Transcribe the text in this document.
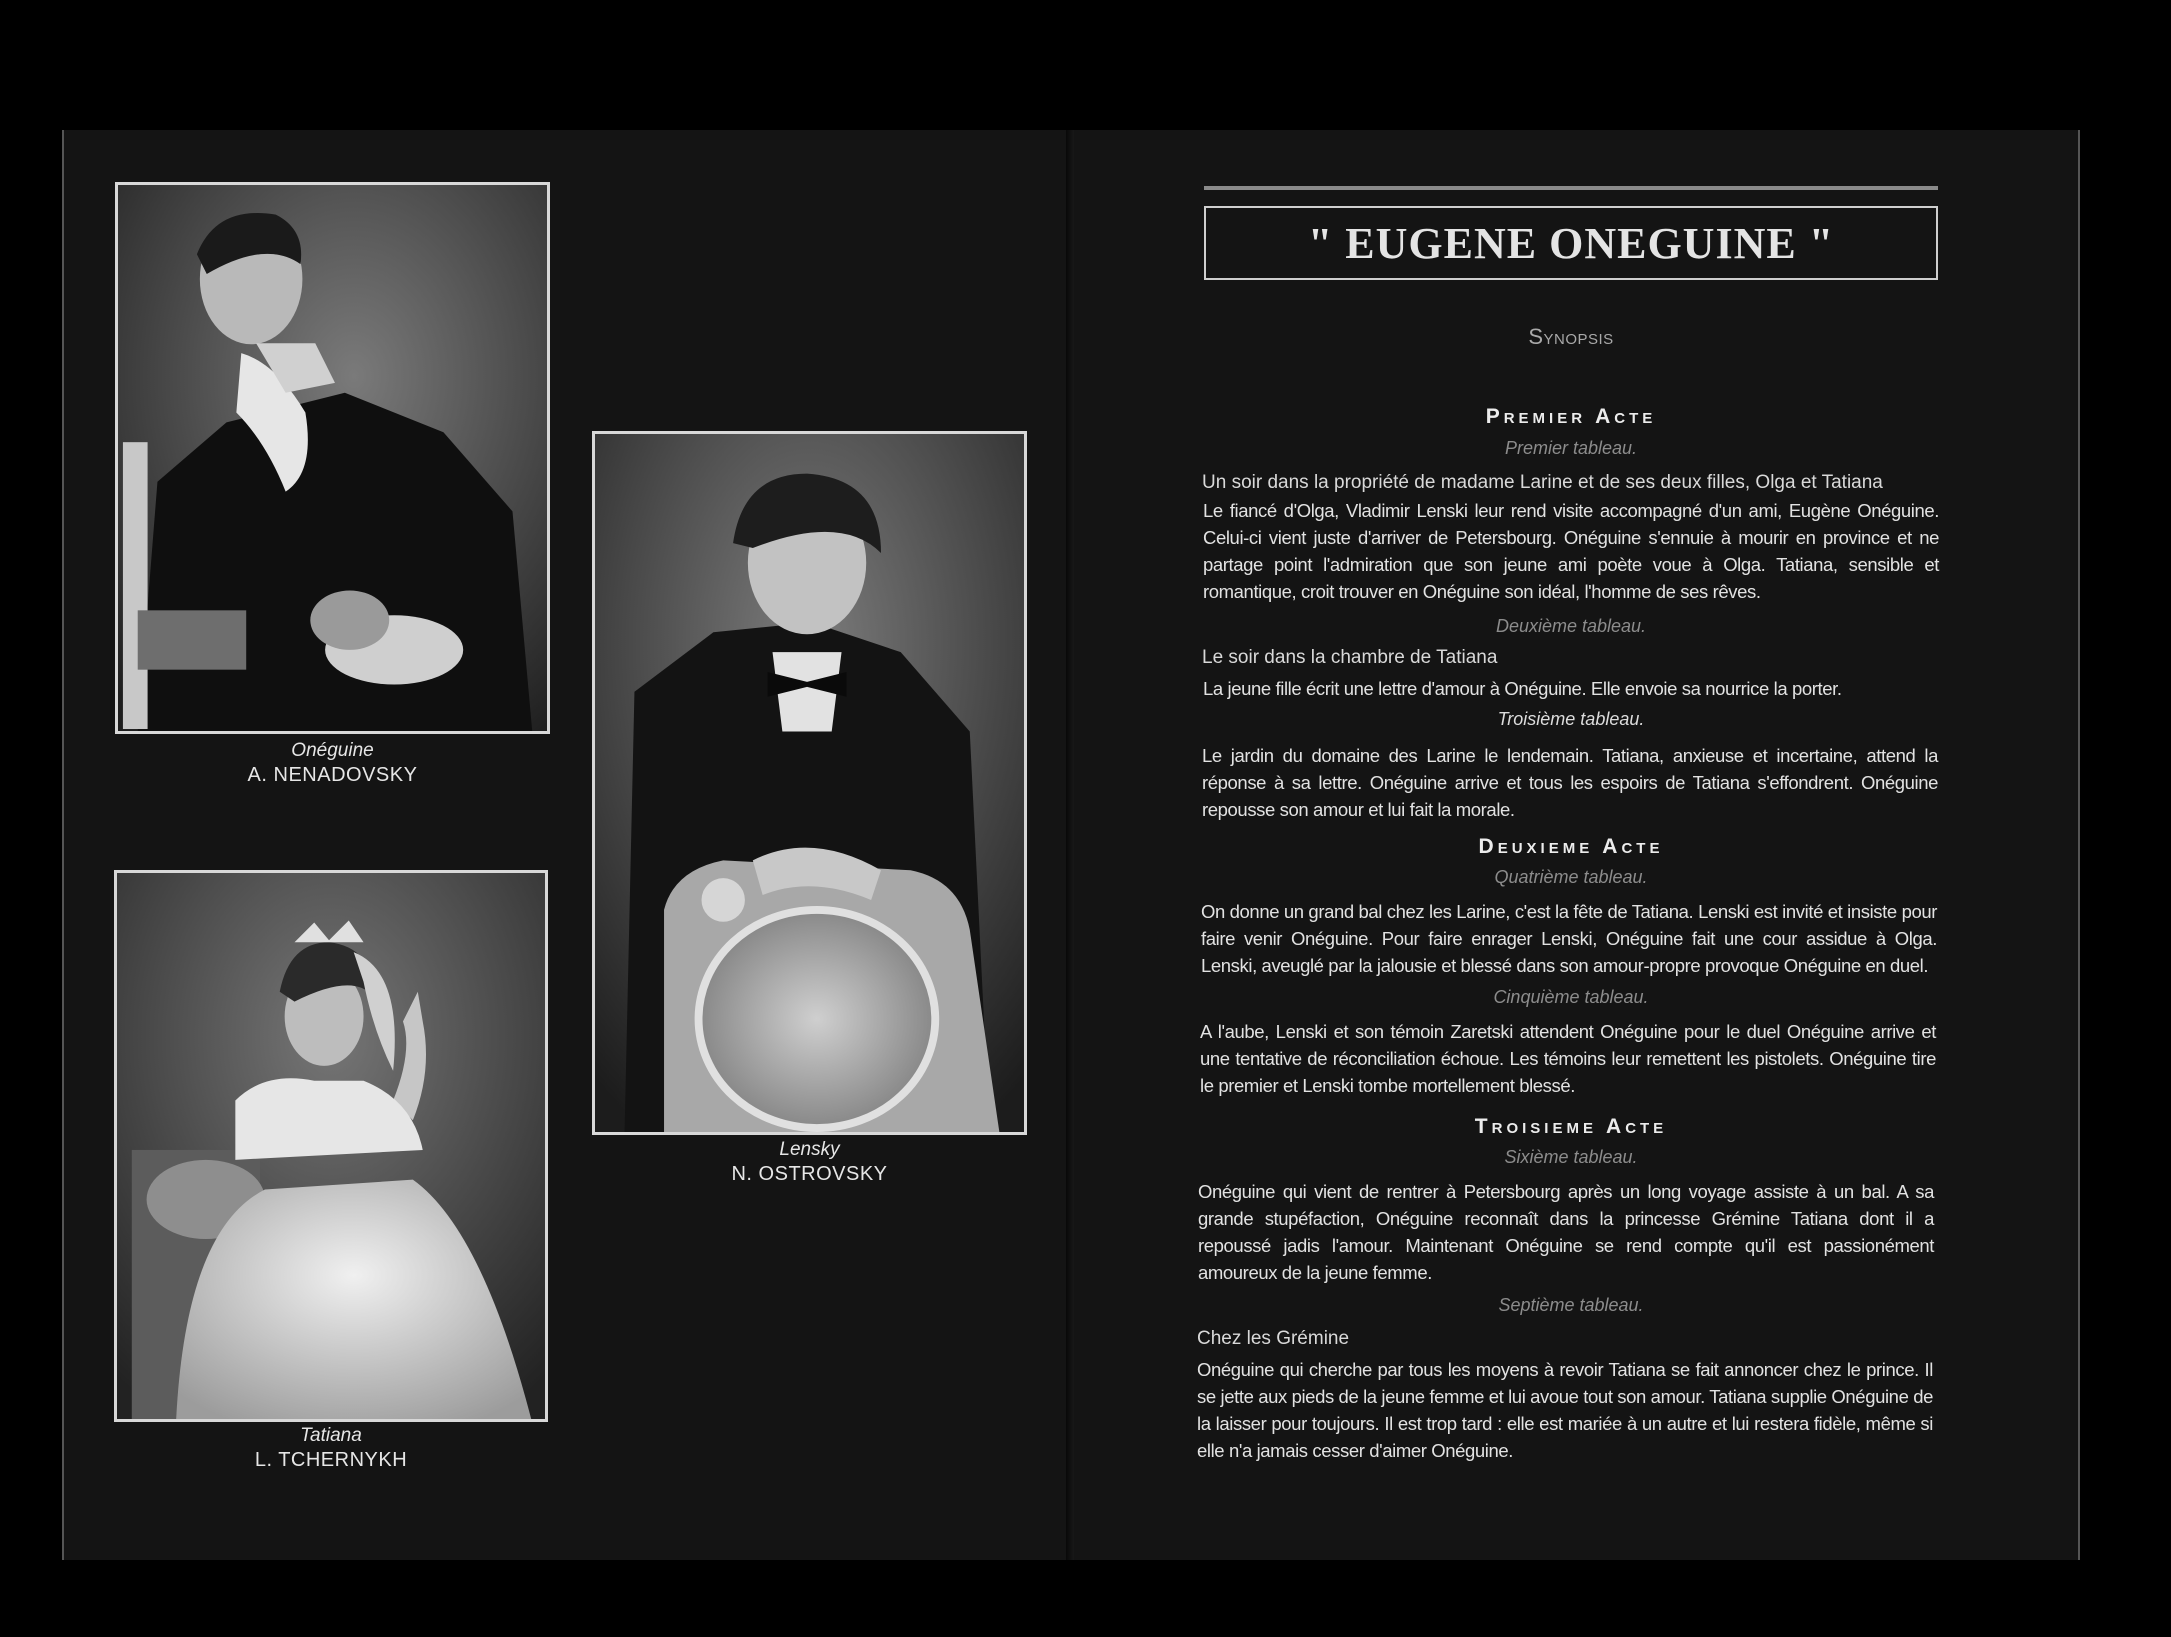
Onéguine
A. NENADOVSKY
Lensky
N. OSTROVSKY
Tatiana
L. TCHERNYKH
" EUGENE ONEGUINE "
Synopsis
Premier Acte
Premier tableau.
Un soir dans la propriété de madame Larine et de ses deux filles, Olga et Tatiana
Le fiancé d'Olga, Vladimir Lenski leur rend visite accompagné d'un ami, Eugène Onéguine. Celui-ci vient juste d'arriver de Petersbourg. Onéguine s'ennuie à mourir en province et ne partage point l'admiration que son jeune ami poète voue à Olga. Tatiana, sensible et romantique, croit trouver en Onéguine son idéal, l'homme de ses rêves.
Deuxième tableau.
Le soir dans la chambre de Tatiana
La jeune fille écrit une lettre d'amour à Onéguine. Elle envoie sa nourrice la porter.
Troisième tableau.
Le jardin du domaine des Larine le lendemain. Tatiana, anxieuse et incertaine, attend la réponse à sa lettre. Onéguine arrive et tous les espoirs de Tatiana s'effondrent. Onéguine repousse son amour et lui fait la morale.
Deuxieme Acte
Quatrième tableau.
On donne un grand bal chez les Larine, c'est la fête de Tatiana. Lenski est invité et insiste pour faire venir Onéguine. Pour faire enrager Lenski, Onéguine fait une cour assidue à Olga. Lenski, aveuglé par la jalousie et blessé dans son amour-propre provoque Onéguine en duel.
Cinquième tableau.
A l'aube, Lenski et son témoin Zaretski attendent Onéguine pour le duel Onéguine arrive et une tentative de réconciliation échoue. Les témoins leur remettent les pistolets. Onéguine tire le premier et Lenski tombe mortellement blessé.
Troisieme Acte
Sixième tableau.
Onéguine qui vient de rentrer à Petersbourg après un long voyage assiste à un bal. A sa grande stupéfaction, Onéguine reconnaît dans la princesse Grémine Tatiana dont il a repoussé jadis l'amour. Maintenant Onéguine se rend compte qu'il est passionément amoureux de la jeune femme.
Septième tableau.
Chez les Grémine
Onéguine qui cherche par tous les moyens à revoir Tatiana se fait annoncer chez le prince. Il se jette aux pieds de la jeune femme et lui avoue tout son amour. Tatiana supplie Onéguine de la laisser pour toujours. Il est trop tard : elle est mariée à un autre et lui restera fidèle, même si elle n'a jamais cesser d'aimer Onéguine.
